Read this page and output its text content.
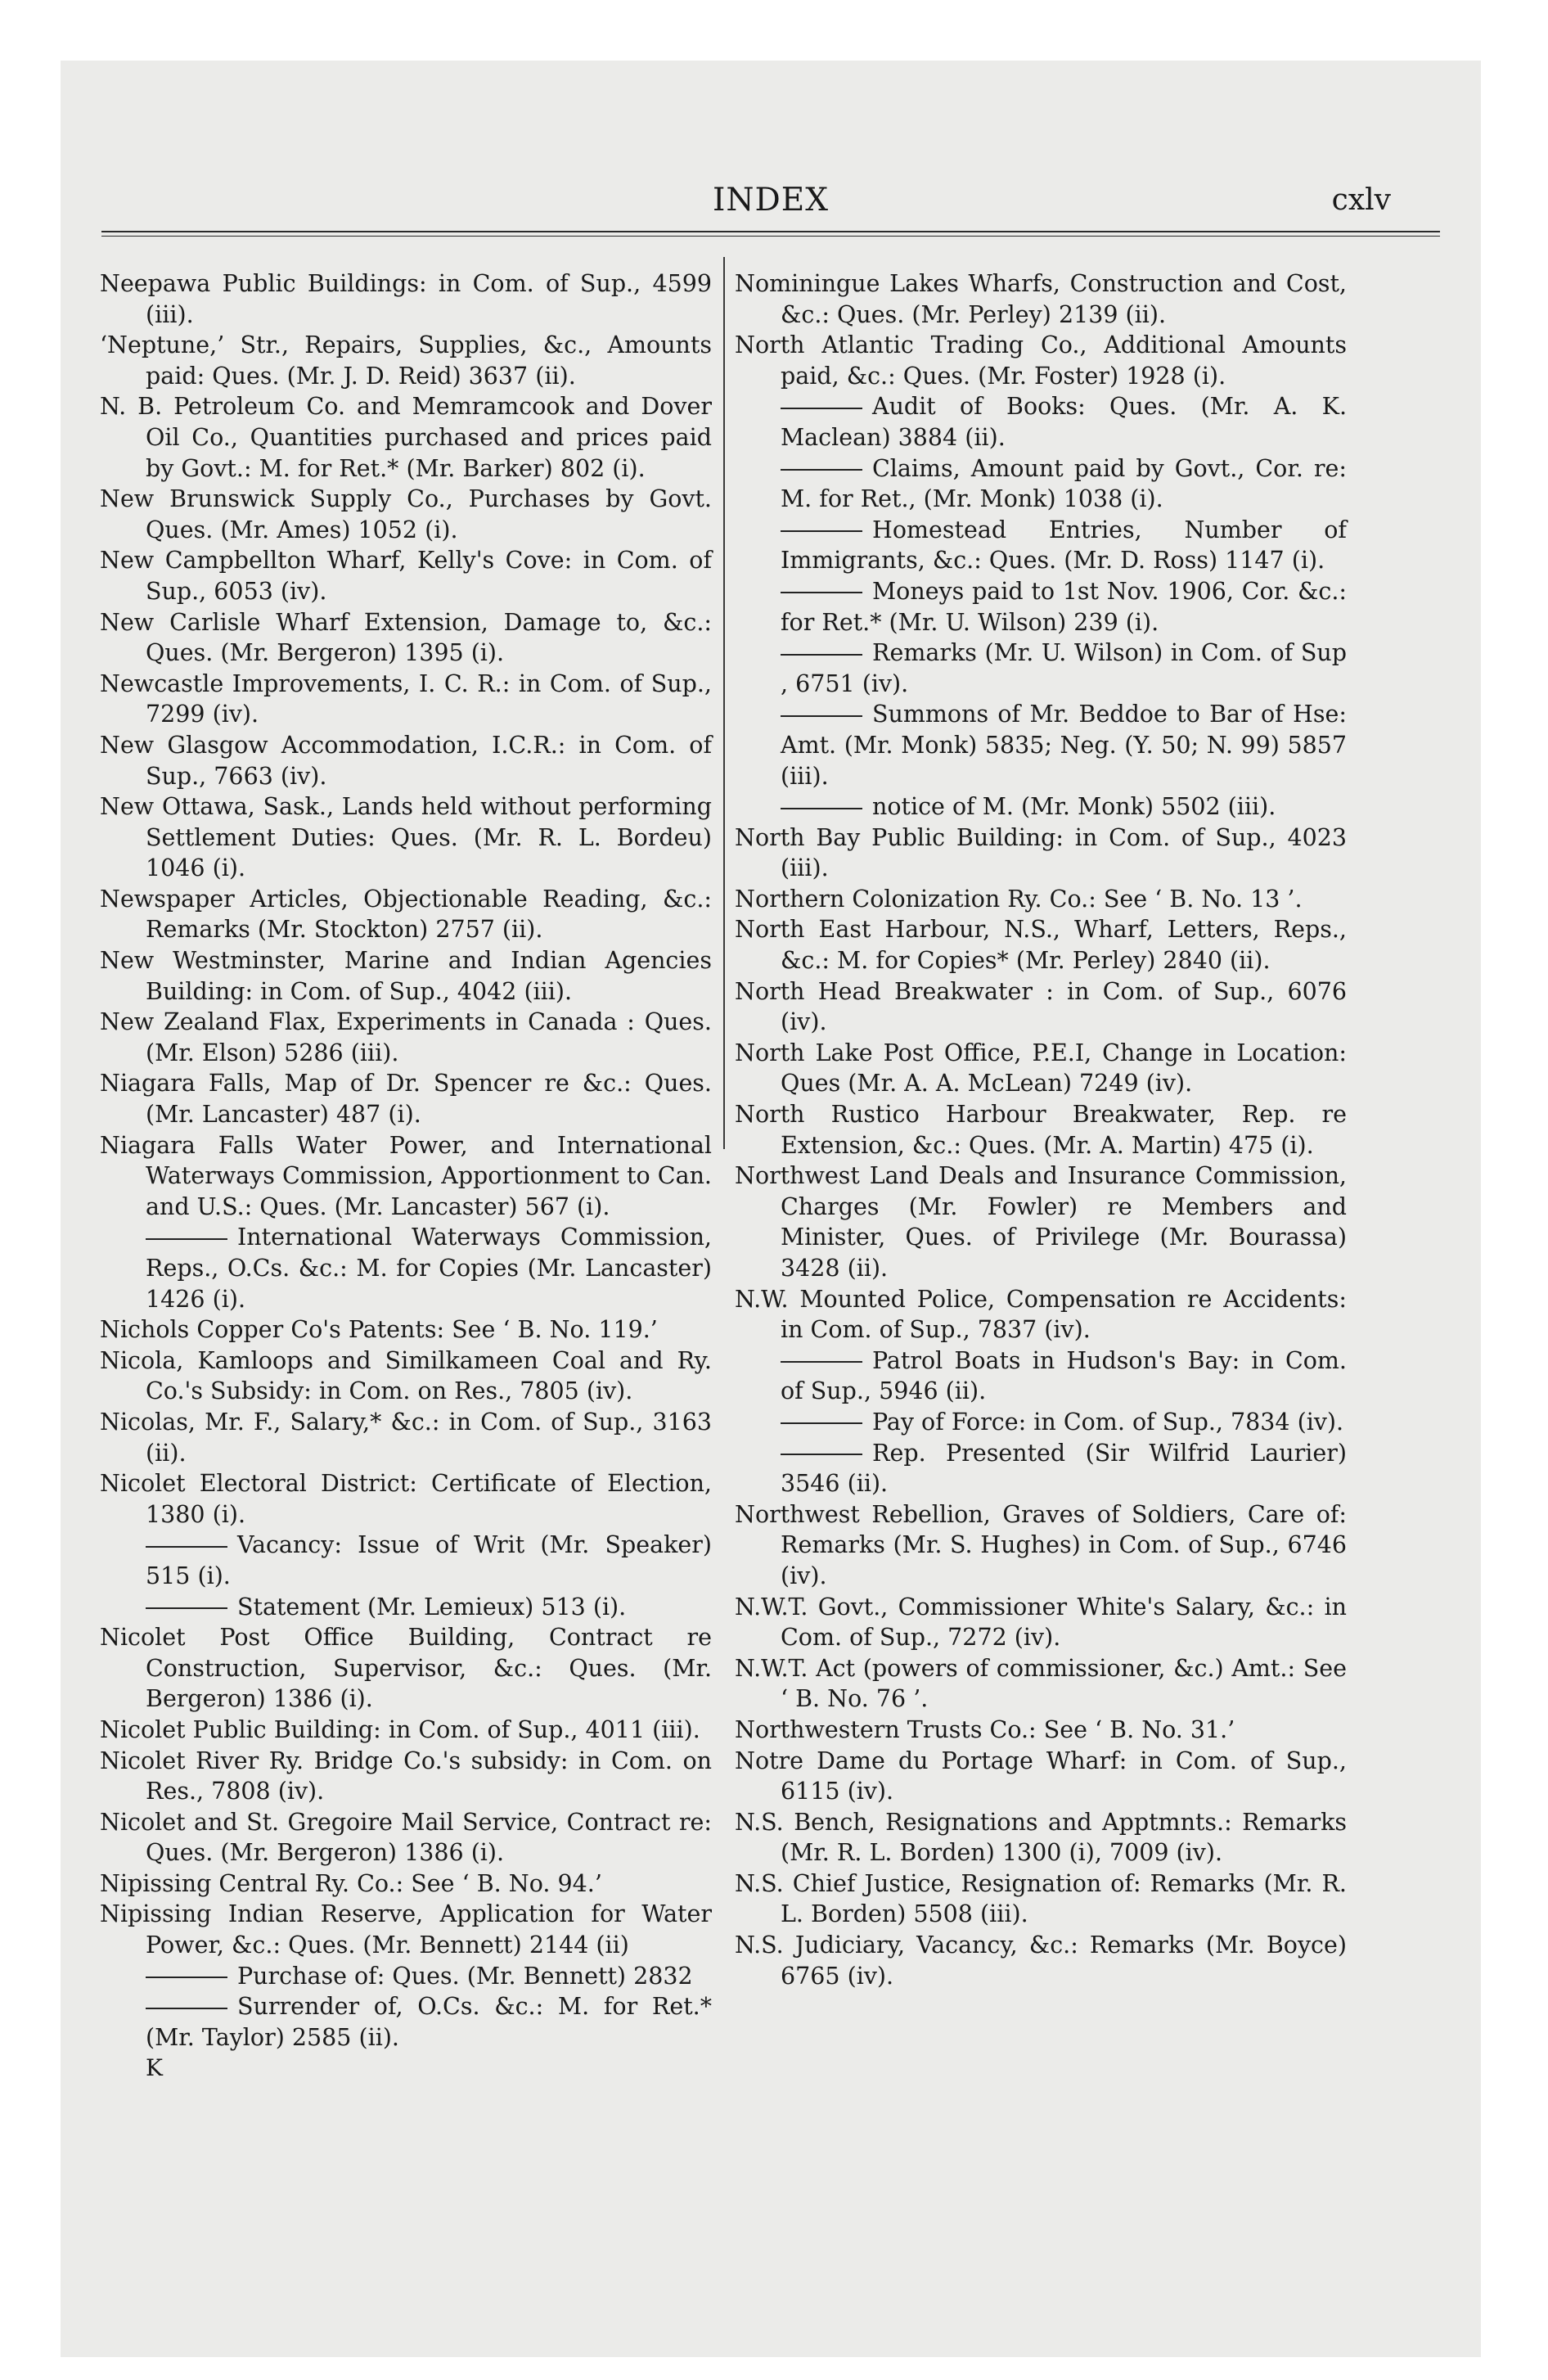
INDEX	cxlv
Neepawa Public Buildings: in Com. of Sup., 4599 (iii).
‘Neptune,’ Str., Repairs, Supplies, &c., Amounts paid: Ques. (Mr. J. D. Reid) 3637 (ii).
N. B. Petroleum Co. and Memramcook and Dover Oil Co., Quantities purchased and prices paid by Govt.: M. for Ret.* (Mr. Barker) 802 (i).
New Brunswick Supply Co., Purchases by Govt. Ques. (Mr. Ames) 1052 (i).
New Campbellton Wharf, Kelly's Cove: in Com. of Sup., 6053 (iv).
New Carlisle Wharf Extension, Damage to, &c.: Ques. (Mr. Bergeron) 1395 (i).
Newcastle Improvements, I. C. R.: in Com. of Sup., 7299 (iv).
New Glasgow Accommodation, I.C.R.: in Com. of Sup., 7663 (iv).
New Ottawa, Sask., Lands held without performing Settlement Duties: Ques. (Mr. R. L. Bordeu) 1046 (i).
Newspaper Articles, Objectionable Reading, &c.: Remarks (Mr. Stockton) 2757 (ii).
New Westminster, Marine and Indian Agencies Building: in Com. of Sup., 4042 (iii).
New Zealand Flax, Experiments in Canada : Ques. (Mr. Elson) 5286 (iii).
Niagara Falls, Map of Dr. Spencer re &c.: Ques. (Mr. Lancaster) 487 (i).
Niagara Falls Water Power, and International Waterways Commission, Apportionment to Can. and U.S.: Ques. (Mr. Lancaster) 567 (i).
International Waterways Commission, Reps., O.Cs. &c.: M. for Copies (Mr. Lancaster) 1426 (i).
Nichols Copper Co's Patents: See ‘ B. No. 119.’
Nicola, Kamloops and Similkameen Coal and Ry. Co.'s Subsidy: in Com. on Res., 7805 (iv).
Nicolas, Mr. F., Salary,* &c.: in Com. of Sup., 3163 (ii).
Nicolet Electoral District: Certificate of Election, 1380 (i).
Vacancy: Issue of Writ (Mr. Speaker) 515 (i).
Statement (Mr. Lemieux) 513 (i).
Nicolet Post Office Building, Contract re Construction, Supervisor, &c.: Ques. (Mr. Bergeron) 1386 (i).
Nicolet Public Building: in Com. of Sup., 4011 (iii).
Nicolet River Ry. Bridge Co.'s subsidy: in Com. on Res., 7808 (iv).
Nicolet and St. Gregoire Mail Service, Contract re: Ques. (Mr. Bergeron) 1386 (i).
Nipissing Central Ry. Co.: See ‘ B. No. 94.’
Nipissing Indian Reserve, Application for Water Power, &c.: Ques. (Mr. Bennett) 2144 (ii)
Purchase of: Ques. (Mr. Bennett) 2832
Surrender of, O.Cs. &c.: M. for Ret.* (Mr. Taylor) 2585 (ii).
K
Nominingue Lakes Wharfs, Construction and Cost, &c.: Ques. (Mr. Perley) 2139 (ii).
North Atlantic Trading Co., Additional Amounts paid, &c.: Ques. (Mr. Foster) 1928 (i).
Audit of Books: Ques. (Mr. A. K. Maclean) 3884 (ii).
Claims, Amount paid by Govt., Cor. re: M. for Ret., (Mr. Monk) 1038 (i).
Homestead Entries, Number of Immigrants, &c.: Ques. (Mr. D. Ross) 1147 (i).
Moneys paid to 1st Nov. 1906, Cor. &c.: for Ret.* (Mr. U. Wilson) 239 (i).
Remarks (Mr. U. Wilson) in Com. of Sup , 6751 (iv).
Summons of Mr. Beddoe to Bar of Hse: Amt. (Mr. Monk) 5835; Neg. (Y. 50; N. 99) 5857 (iii).
notice of M. (Mr. Monk) 5502 (iii).
North Bay Public Building: in Com. of Sup., 4023 (iii).
Northern Colonization Ry. Co.: See ‘ B. No. 13 ’.
North East Harbour, N.S., Wharf, Letters, Reps., &c.: M. for Copies* (Mr. Perley) 2840 (ii).
North Head Breakwater : in Com. of Sup., 6076 (iv).
North Lake Post Office, P.E.I, Change in Location: Ques (Mr. A. A. McLean) 7249 (iv).
North Rustico Harbour Breakwater, Rep. re Extension, &c.: Ques. (Mr. A. Martin) 475 (i).
Northwest Land Deals and Insurance Commission, Charges (Mr. Fowler) re Members and Minister, Ques. of Privilege (Mr. Bourassa) 3428 (ii).
N.W. Mounted Police, Compensation re Accidents: in Com. of Sup., 7837 (iv).
Patrol Boats in Hudson's Bay: in Com. of Sup., 5946 (ii).
Pay of Force: in Com. of Sup., 7834 (iv).
Rep. Presented (Sir Wilfrid Laurier) 3546 (ii).
Northwest Rebellion, Graves of Soldiers, Care of: Remarks (Mr. S. Hughes) in Com. of Sup., 6746 (iv).
N.W.T. Govt., Commissioner White's Salary, &c.: in Com. of Sup., 7272 (iv).
N.W.T. Act (powers of commissioner, &c.) Amt.: See ‘ B. No. 76 ’.
Northwestern Trusts Co.: See ‘ B. No. 31.’
Notre Dame du Portage Wharf: in Com. of Sup., 6115 (iv).
N.S. Bench, Resignations and Apptmnts.: Remarks (Mr. R. L. Borden) 1300 (i), 7009 (iv).
N.S. Chief Justice, Resignation of: Remarks (Mr. R. L. Borden) 5508 (iii).
N.S. Judiciary, Vacancy, &c.: Remarks (Mr. Boyce) 6765 (iv).
